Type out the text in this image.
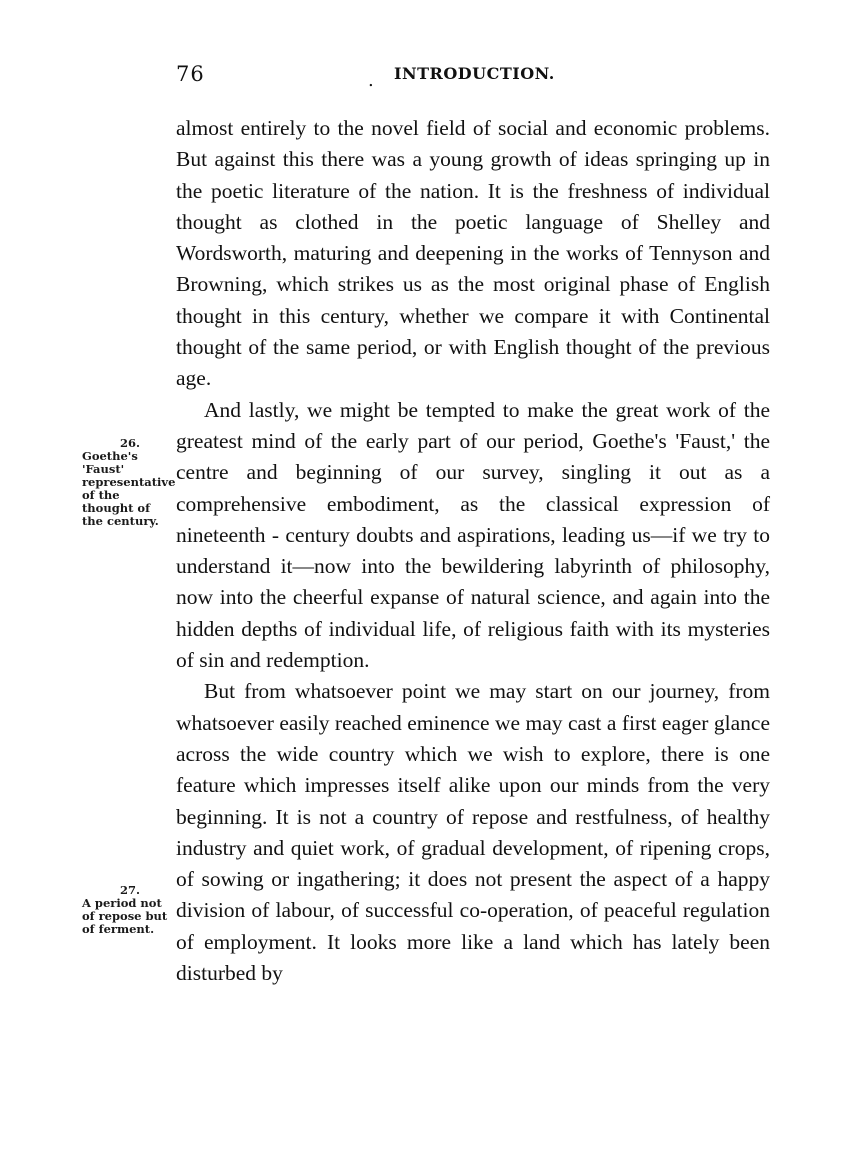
76	. INTRODUCTION.
26.
Goethe's 'Faust' representative of the thought of the century.
27.
A period not of repose but of ferment.

almost entirely to the novel field of social and economic problems. But against this there was a young growth of ideas springing up in the poetic literature of the nation. It is the freshness of individual thought as clothed in the poetic language of Shelley and Wordsworth, maturing and deepening in the works of Tennyson and Browning, which strikes us as the most original phase of English thought in this century, whether we compare it with Continental thought of the same period, or with English thought of the previous age.

And lastly, we might be tempted to make the great work of the greatest mind of the early part of our period, Goethe's 'Faust,' the centre and beginning of our survey, singling it out as a comprehensive embodiment, as the classical expression of nineteenth - century doubts and aspirations, leading us—if we try to understand it—now into the bewildering labyrinth of philosophy, now into the cheerful expanse of natural science, and again into the hidden depths of individual life, of religious faith with its mysteries of sin and redemption.

But from whatsoever point we may start on our journey, from whatsoever easily reached eminence we may cast a first eager glance across the wide country which we wish to explore, there is one feature which impresses itself alike upon our minds from the very beginning. It is not a country of repose and restfulness, of healthy industry and quiet work, of gradual development, of ripening crops, of sowing or ingathering; it does not present the aspect of a happy division of labour, of successful co-operation, of peaceful regulation of employment. It looks more like a land which has lately been disturbed by
